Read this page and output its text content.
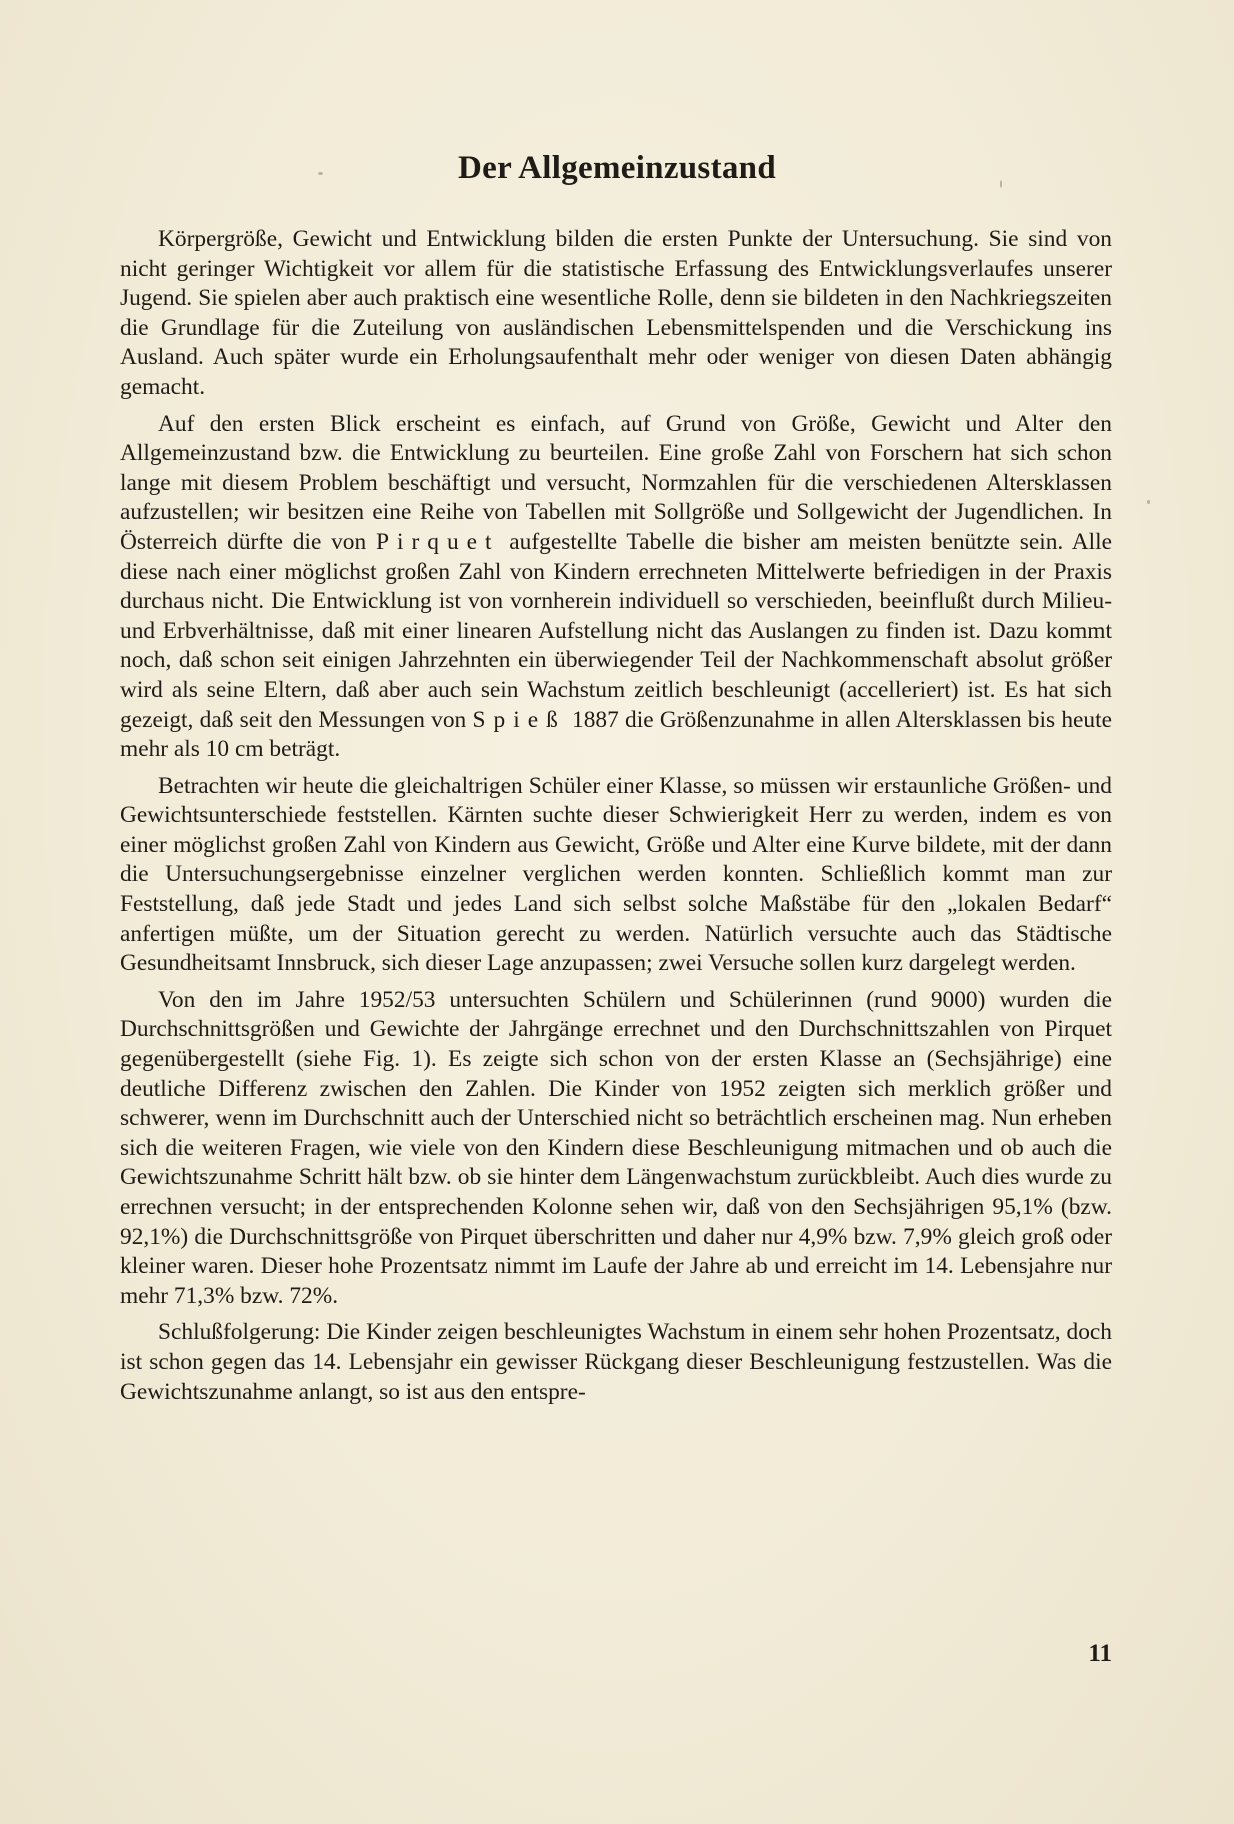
Der Allgemeinzustand

Körpergröße, Gewicht und Entwicklung bilden die ersten Punkte der Untersuchung. Sie sind von nicht geringer Wichtigkeit vor allem für die statistische Erfassung des Entwicklungsverlaufes unserer Jugend. Sie spielen aber auch praktisch eine wesentliche Rolle, denn sie bildeten in den Nachkriegszeiten die Grundlage für die Zuteilung von ausländischen Lebensmittelspenden und die Verschickung ins Ausland. Auch später wurde ein Erholungsaufenthalt mehr oder weniger von diesen Daten abhängig gemacht.

Auf den ersten Blick erscheint es einfach, auf Grund von Größe, Gewicht und Alter den Allgemeinzustand bzw. die Entwicklung zu beurteilen. Eine große Zahl von Forschern hat sich schon lange mit diesem Problem beschäftigt und versucht, Normzahlen für die verschiedenen Altersklassen aufzustellen; wir besitzen eine Reihe von Tabellen mit Sollgröße und Sollgewicht der Jugendlichen. In Österreich dürfte die von Pirquet aufgestellte Tabelle die bisher am meisten benützte sein. Alle diese nach einer möglichst großen Zahl von Kindern errechneten Mittelwerte befriedigen in der Praxis durchaus nicht. Die Entwicklung ist von vornherein individuell so verschieden, beeinflußt durch Milieu- und Erbverhältnisse, daß mit einer linearen Aufstellung nicht das Auslangen zu finden ist. Dazu kommt noch, daß schon seit einigen Jahrzehnten ein überwiegender Teil der Nachkommenschaft absolut größer wird als seine Eltern, daß aber auch sein Wachstum zeitlich beschleunigt (accelleriert) ist. Es hat sich gezeigt, daß seit den Messungen von Spieß 1887 die Größenzunahme in allen Altersklassen bis heute mehr als 10 cm beträgt.

Betrachten wir heute die gleichaltrigen Schüler einer Klasse, so müssen wir erstaunliche Größen- und Gewichtsunterschiede feststellen. Kärnten suchte dieser Schwierigkeit Herr zu werden, indem es von einer möglichst großen Zahl von Kindern aus Gewicht, Größe und Alter eine Kurve bildete, mit der dann die Untersuchungsergebnisse einzelner verglichen werden konnten. Schließlich kommt man zur Feststellung, daß jede Stadt und jedes Land sich selbst solche Maßstäbe für den „lokalen Bedarf“ anfertigen müßte, um der Situation gerecht zu werden. Natürlich versuchte auch das Städtische Gesundheitsamt Innsbruck, sich dieser Lage anzupassen; zwei Versuche sollen kurz dargelegt werden.

Von den im Jahre 1952/53 untersuchten Schülern und Schülerinnen (rund 9000) wurden die Durchschnittsgrößen und Gewichte der Jahrgänge errechnet und den Durchschnittszahlen von Pirquet gegenübergestellt (siehe Fig. 1). Es zeigte sich schon von der ersten Klasse an (Sechsjährige) eine deutliche Differenz zwischen den Zahlen. Die Kinder von 1952 zeigten sich merklich größer und schwerer, wenn im Durchschnitt auch der Unterschied nicht so beträchtlich erscheinen mag. Nun erheben sich die weiteren Fragen, wie viele von den Kindern diese Beschleunigung mitmachen und ob auch die Gewichtszunahme Schritt hält bzw. ob sie hinter dem Längenwachstum zurückbleibt. Auch dies wurde zu errechnen versucht; in der entsprechenden Kolonne sehen wir, daß von den Sechsjährigen 95,1% (bzw. 92,1%) die Durchschnittsgröße von Pirquet überschritten und daher nur 4,9% bzw. 7,9% gleich groß oder kleiner waren. Dieser hohe Prozentsatz nimmt im Laufe der Jahre ab und erreicht im 14. Lebensjahre nur mehr 71,3% bzw. 72%.

Schlußfolgerung: Die Kinder zeigen beschleunigtes Wachstum in einem sehr hohen Prozentsatz, doch ist schon gegen das 14. Lebensjahr ein gewisser Rückgang dieser Beschleunigung festzustellen. Was die Gewichtszunahme anlangt, so ist aus den entspre-

11
